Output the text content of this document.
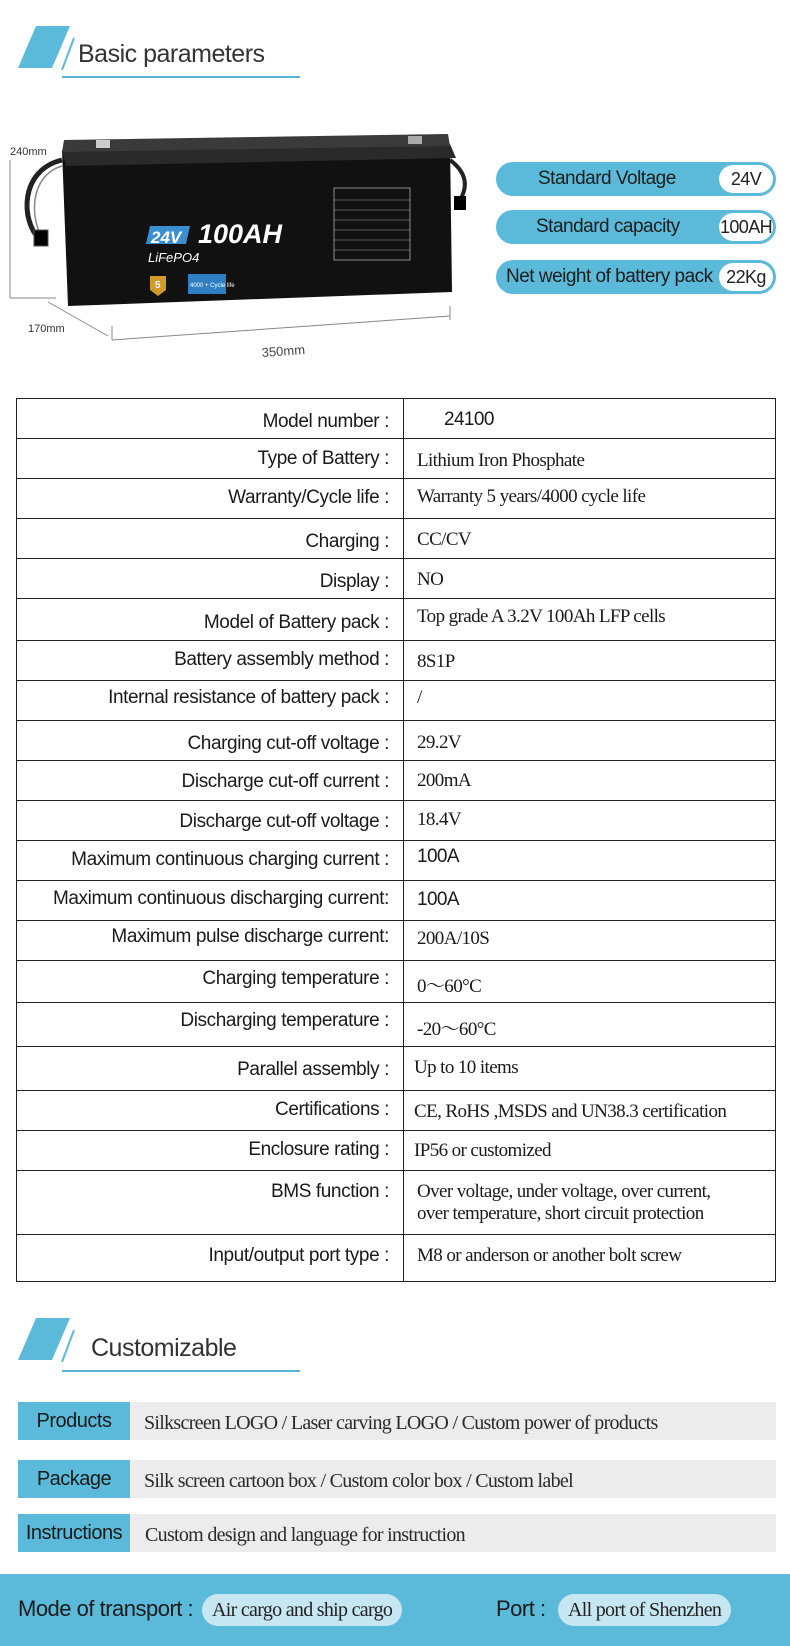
Basic parameters
240mm
170mm
350mm
24V 100AH
LiFePO4
5	4000 + Cycle life
Standard Voltage	24V
Standard capacity 100AH
Net weight of battery pack 22Kg
Model number :	24100
Type of Battery : Lithium Iron Phosphate
Warranty/Cycle life : Warranty 5 years/4000 cycle life
Charging : CC/CV
Display : NO
Model of Battery pack : Top grade A 3.2V 100Ah LFP cells
Battery assembly method : 8S1P
Internal resistance of battery pack : /
Charging cut-off voltage : 29.2V
Discharge cut-off current : 200mA
Discharge cut-off voltage : 18.4V
Maximum continuous charging current : 100A
Maximum continuous discharging current: 100A
Maximum pulse discharge current: 200A/10S
Charging temperature : 0～60°C
Discharging temperature : -20～60°C
Parallel assembly : Up to 10 items
Certifications : CE, RoHS ,MSDS and UN38.3 certification
Enclosure rating : IP56 or customized
BMS function : Over voltage, under voltage, over current,
over temperature, short circuit protection
Input/output port type : M8 or anderson or another bolt screw
Customizable
Products	Silkscreen LOGO / Laser carving LOGO / Custom power of products
Package	Silk screen cartoon box / Custom color box / Custom label
Instructions	Custom design and language for instruction
Mode of transport : Air cargo and ship cargo	Port :	All port of Shenzhen
